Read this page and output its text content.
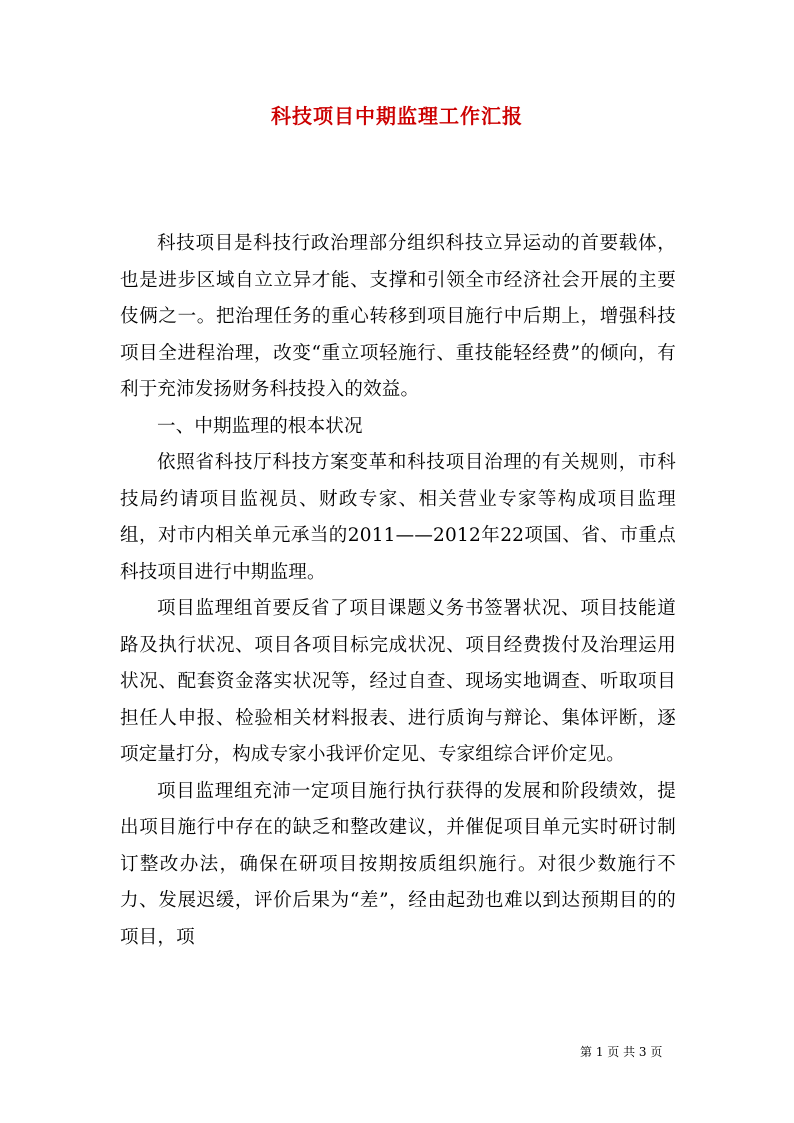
科技项目中期监理工作汇报

科技项目是科技行政治理部分组织科技立异运动的首要载体，也是进步区域自立立异才能、支撑和引领全市经济社会开展的主要伎俩之一。把治理任务的重心转移到项目施行中后期上，增强科技项目全进程治理，改变“重立项轻施行、重技能轻经费”的倾向，有利于充沛发扬财务科技投入的效益。

一、中期监理的根本状况

依照省科技厅科技方案变革和科技项目治理的有关规则，市科技局约请项目监视员、财政专家、相关营业专家等构成项目监理组，对市内相关单元承当的2011——2012年22项国、省、市重点科技项目进行中期监理。

项目监理组首要反省了项目课题义务书签署状况、项目技能道路及执行状况、项目各项目标完成状况、项目经费拨付及治理运用状况、配套资金落实状况等，经过自查、现场实地调查、听取项目担任人申报、检验相关材料报表、进行质询与辩论、集体评断，逐项定量打分，构成专家小我评价定见、专家组综合评价定见。

项目监理组充沛一定项目施行执行获得的发展和阶段绩效，提出项目施行中存在的缺乏和整改建议，并催促项目单元实时研讨制订整改办法，确保在研项目按期按质组织施行。对很少数施行不力、发展迟缓，评价后果为“差”，经由起劲也难以到达预期目的的项目，项

第 1 页 共 3 页
